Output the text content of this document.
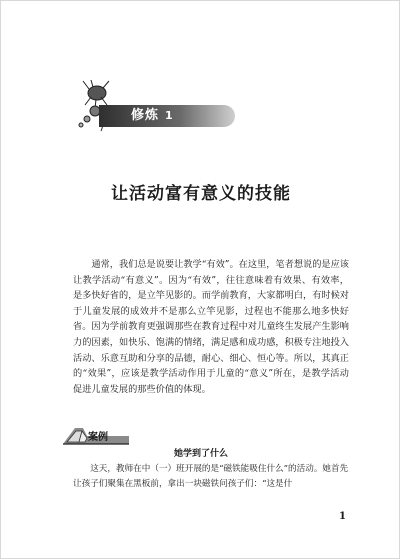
修炼 1
让活动富有意义的技能

通常，我们总是说要让教学“有效”。在这里，笔者想说的是应该让教学活动“有意义”。因为“有效”，往往意味着有效果、有效率，是多快好省的，是立竿见影的。而学前教育，大家都明白，有时候对于儿童发展的成效并不是那么立竿见影，过程也不能那么地多快好省。因为学前教育更强调那些在教育过程中对儿童终生发展产生影响力的因素，如快乐、饱满的情绪，满足感和成功感，积极专注地投入活动、乐意互助和分享的品德，耐心、细心、恒心等。所以，其真正的“效果”，应该是教学活动作用于儿童的“意义”所在，是教学活动促进儿童发展的那些价值的体现。

案例
她学到了什么

这天，教师在中（一）班开展的是“磁铁能吸住什么”的活动。她首先让孩子们聚集在黑板前，拿出一块磁铁问孩子们：“这是什

1
